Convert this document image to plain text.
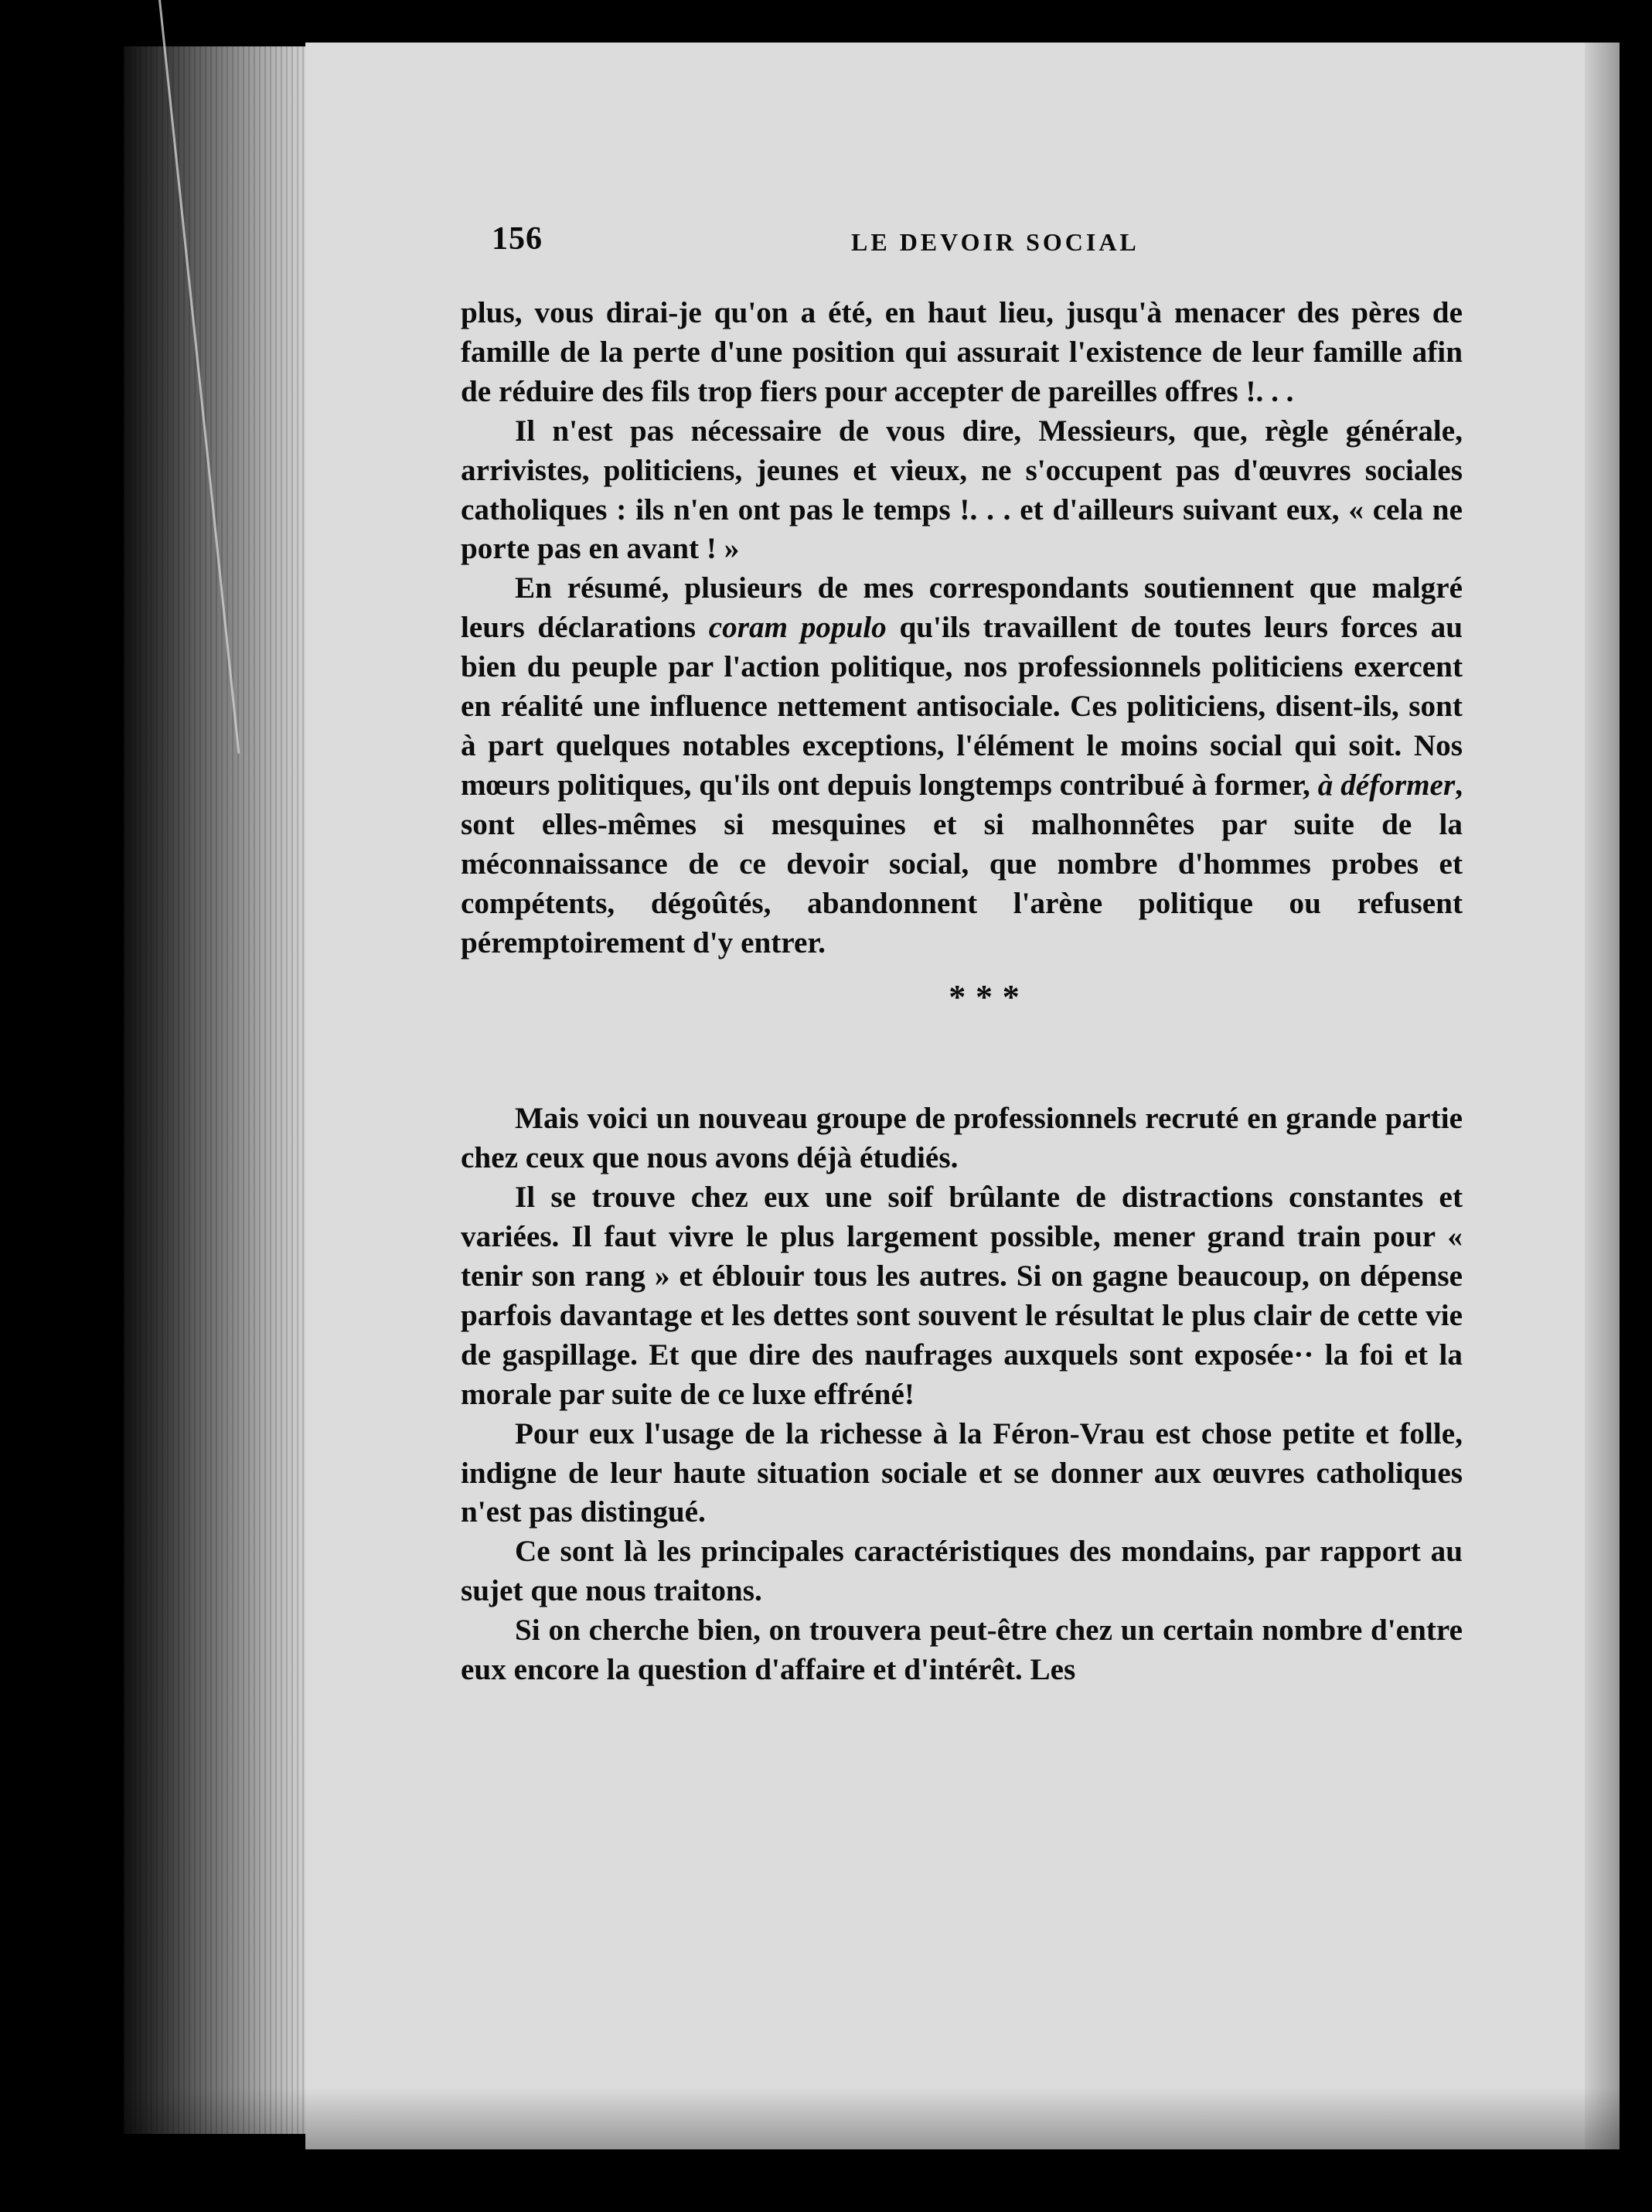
156	LE DEVOIR SOCIAL

plus, vous dirai-je qu'on a été, en haut lieu, jusqu'à menacer des pères de famille de la perte d'une position qui assurait l'existence de leur famille afin de réduire des fils trop fiers pour accepter de pareilles offres !. . .

Il n'est pas nécessaire de vous dire, Messieurs, que, règle générale, arrivistes, politiciens, jeunes et vieux, ne s'occupent pas d'œuvres sociales catholiques : ils n'en ont pas le temps !. . . et d'ailleurs suivant eux, « cela ne porte pas en avant ! »

En résumé, plusieurs de mes correspondants soutiennent que malgré leurs déclarations coram populo qu'ils travaillent de toutes leurs forces au bien du peuple par l'action politique, nos professionnels politiciens exercent en réalité une influence nettement antisociale. Ces politiciens, disent-ils, sont à part quelques notables exceptions, l'élément le moins social qui soit. Nos mœurs politiques, qu'ils ont depuis longtemps contribué à former, à déformer, sont elles-mêmes si mesquines et si malhonnêtes par suite de la méconnaissance de ce devoir social, que nombre d'hommes probes et compétents, dégoûtés, abandonnent l'arène politique ou refusent péremptoirement d'y entrer.

* * *

Mais voici un nouveau groupe de professionnels recruté en grande partie chez ceux que nous avons déjà étudiés.

Il se trouve chez eux une soif brûlante de distractions constantes et variées. Il faut vivre le plus largement possible, mener grand train pour « tenir son rang » et éblouir tous les autres. Si on gagne beaucoup, on dépense parfois davantage et les dettes sont souvent le résultat le plus clair de cette vie de gaspillage. Et que dire des naufrages auxquels sont exposée·· la foi et la morale par suite de ce luxe effréné!

Pour eux l'usage de la richesse à la Féron-Vrau est chose petite et folle, indigne de leur haute situation sociale et se donner aux œuvres catholiques n'est pas distingué.

Ce sont là les principales caractéristiques des mondains, par rapport au sujet que nous traitons.

Si on cherche bien, on trouvera peut-être chez un certain nombre d'entre eux encore la question d'affaire et d'intérêt. Les
